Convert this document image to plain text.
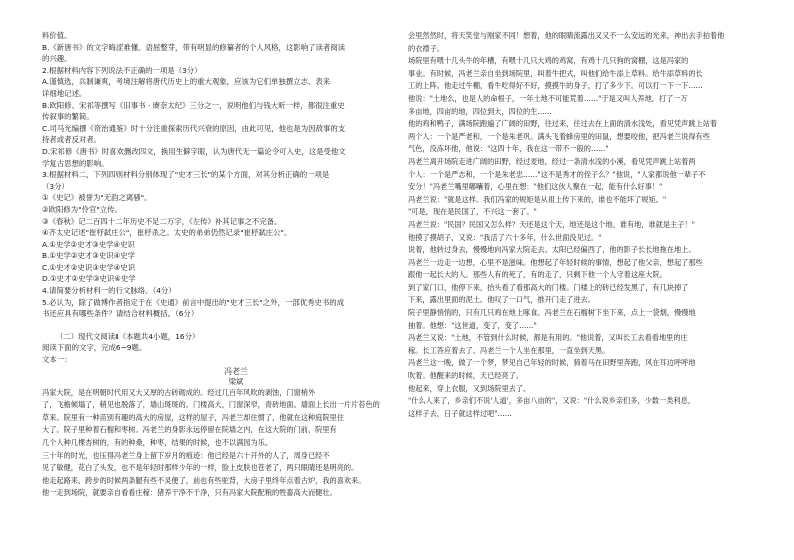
料价值。
B.《新唐书》的文字晦涩难懂、语屈整芽，带有明显的修纂者的个人风格，这影响了读者阅读
的兴趣。
2.根据材料内容下列说法不正确的一项是（3分）
A.谨慎选，兵制谦爽，考境注解将唐代历史上的重大观象，应该为它们单独撰立志、表来
详细地记述。
B.欧阳修、宋祁等撰写《旧事书 · 赓奈太纪》三分之一，说明他们与钱大昕一样，都很注重史
传叙事的繁简。
C.司马光编撰《资治通鉴》时十分注重探索历代兴衰的原因，由此可见，他也是为因敌事的支
持者或者反对者。
D.宋祁修《唐书》时喜欢删改四文，换用生僻字眼，认为唐代无一篇论令可入史，这是受他文
学复古思想的影响。
3.根据材料二，下列四则材料分别体现了"史才三长"的某个方面，对其分析正确的一项是
（3分）
①《史记》被誉为"无韵之离骚"。
②欧阳修为"伶官"立传。
③《春秋》记二百四十二年历史不足二万字，《左传》补其记事之不完备。
④齐太史记述"崔杼弑庄公"，崔杼杀之。太史的弟弟仍然记录"崔杼弑庄公"。
A.①史学②史才③史学④史识
B.①史学②史才③史识④史学
C.①史才②史识③史学④史识
D.①史才②史学③史识④史学
4.请简要分析材料一的行文脉络。（4分）
5.必认为，除了做博作者指定于在《史通》前言中提出的"史才三长"之外，一部优秀史书的成
书还应具有哪些条件？请结合材料概括。（6分）
（二）现代文阅读Ⅱ（本题共4小题，16分）
阅读下面的文字，完成6~9题。
文本一：
冯老兰
梁斌
冯家大院，是在明朝时代用又大又厚的古砖砌成的。经过几百年风吹的剥蚀，门窗梢外
了，飞檐倾塌了，稍见也脱落了，墙山斑斑的。门楼高大，门窗深窄，青砖地面。墙面上长出一片片苔色的
草来。院里有一种苗别有趣的高大的房屋，这样的屋子，冯老兰却住惯了，他就在这种庭院里住
大了。院子里种着石榴和枣树。冯老兰的身影永远停留在院墙之内，在这大院的门前，院里有
几个人种几棵杏树的，有的种桑，种枣，结果的时候，也不以满园为乐。
三十年的时光，也压得冯老兰身上留下岁月的痕迹：他已经是六十开外的人了，周身已经不
见了敏健，花白了头发，也不是年轻时那样少年的一样，脸上皮肤也苍老了，两只眼睛还是明亮的。
他走起路来，跨步的时候两条腿有些不灵便了，前也有些驼背，大房子里终年点着古炉，我的喜欢来。
他一走到场院，就要亲自看看庄稼：猪养干净不干净，只有冯家大院配粮的牲畜高大而健壮。
会里然然时，将天笑堂与刚家不同！想着，他的眼睛流露出又又不一么安远的光来，神出去手拍着他
的衣襟子。
场院里有喂十几头牛的年槽，有喂十几只大鸡的鸡窝，有鸡十几只狗的窝棚，这是冯家的
事业。有时候，冯老兰亲自坐到场院里，叫着牛把式，叫他们给牛添上草料。给牛添草料的长
工的上阵。他走过牛棚，看牛吃得好不好，摸摸牛的身子，打了多少下。可以打一下一下……
他说："土地么，也是人的命根子，一年土地不可能荒着……"于是又叫人养地，打了一万
多亩地，四亩的地，四位到大，四位的生……
他的鸡和鸭子，满场院跑遍了广阔的田野，往过来，往过去在上面的清水浅处，看见凭声跳上站着
两个人：一个是严老和，一个是朱老巩。满头飞着蜂房里的田鼠，想要咬他，把冯老兰说得有些
气色，没冻坏他，他说："这四十年，我在这一带不一般的……"
冯老兰离开场院走进广阔的田野，经过麦地，经过一条清水浅的小溪，看见凭声跳上站着两
个人：一个是严志和，一个是朱老忠……"这不是秀才的侄子么？"他说，"人家都说他一辈子不
安分！"冯老兰嘴里嘟囔着，心里在想："他们这伙人聚在一起，能有什么好事！"
冯老兰说："就是这样。我们冯家的规矩是从祖上传下来的，谁也不能坏了规矩。"
"可是，现在是民国了，不兴这一套了。"
冯老兰说："民国？民国又怎么样？天还是这个天，地还是这个地。谁有地，谁就是主子！"
他摸了摸胡子，又说："我活了六十多年，什么世面没见过。"
说着，他转过身去，慢慢地向冯家大院走去。太阳已经偏西了，他的影子长长地拖在地上。
冯老兰一边走一边想，心里不是滋味。他想起了年轻时候的事情，想起了他父亲，想起了那些
跟他一起长大的人。那些人有的死了，有的走了，只剩下他一个人守着这座大院。
到了家门口，他停下来，抬头看了看那高大的门楼。门楼上的砖已经发黑了，有几块掉了
下来，露出里面的泥土。他叹了一口气，推开门走了进去。
院子里静悄悄的，只有几只鸡在地上啄食。冯老兰在石榴树下坐下来，点上一袋烟，慢慢地
抽着。他想："这世道，变了，变了……"
冯老兰又说："土地，不管到什么时候，都是有用的。"他说着，又叫长工去看看地里的庄
稼。长工答应着去了。冯老兰一个人坐在那里，一直坐到天黑。
冯老兰这一晚，做了一个梦，梦见自己年轻的时候，骑着马在田野里奔跑，风在耳边呼呼地
吹着。他醒来的时候，天已经亮了。
他起来，穿上衣服，又到场院里去了。
"什么人来了，乡亲们不说'人道'，多亩八亩的"，又说："什么说乡亲们多，少数一类利息，
这样子去，日子就这样过吧"……
